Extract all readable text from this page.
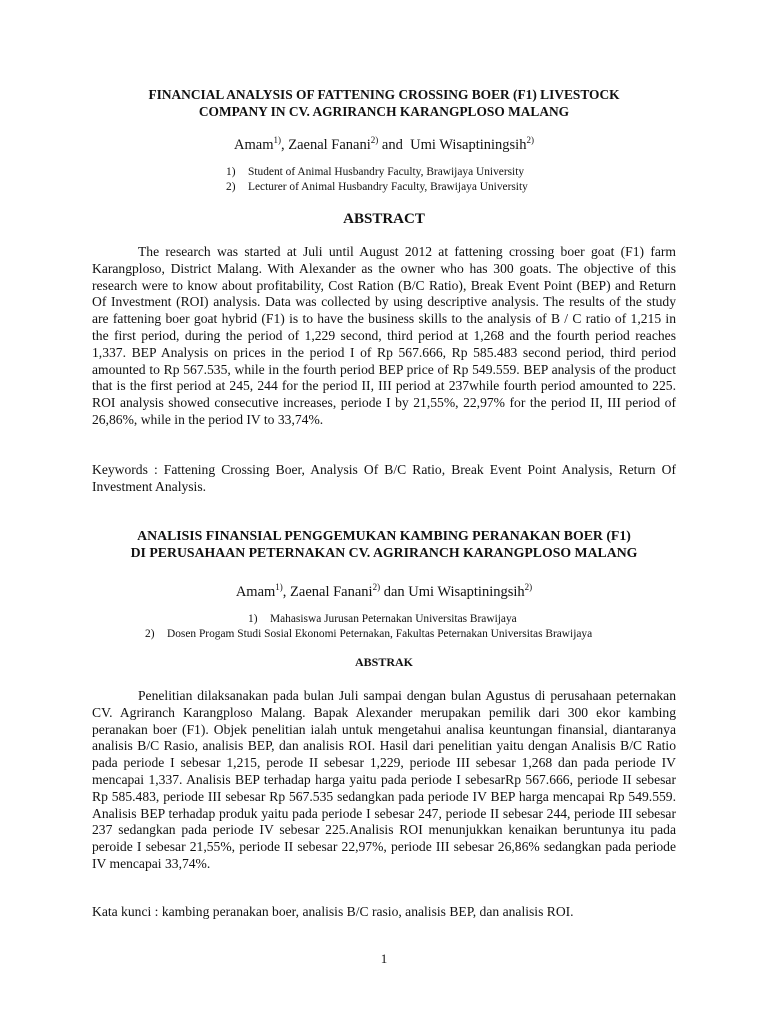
FINANCIAL ANALYSIS OF FATTENING CROSSING BOER (F1) LIVESTOCK
COMPANY IN CV. AGRIRANCH KARANGPLOSO MALANG
Amam$^{1)}$, Zaenal Fanani$^{2)}$ and  Umi Wisaptiningsih$^{2)}$
1) Student of Animal Husbandry Faculty, Brawijaya University
2) Lecturer of Animal Husbandry Faculty, Brawijaya University
ABSTRACT
The research was started at Juli until August 2012 at fattening crossing boer goat (F1) farm Karangploso, District Malang. With Alexander as the owner who has 300 goats. The objective of this research were to know about profitability, Cost Ration (B/C Ratio), Break Event Point (BEP) and Return Of Investment (ROI) analysis. Data was collected by using descriptive analysis. The results of the study are fattening boer goat hybrid (F1) is to have the business skills to the analysis of B / C ratio of 1,215 in the first period, during the period of 1,229 second, third period at 1,268 and the fourth period reaches 1,337. BEP Analysis on prices in the period I of Rp 567.666, Rp 585.483 second period, third period amounted to Rp 567.535, while in the fourth period BEP price of Rp 549.559. BEP analysis of the product that is the first period at 245, 244 for the period II, III period at 237while fourth period amounted to 225. ROI analysis showed consecutive increases, periode I by 21,55%, 22,97% for the period II, III period of 26,86%, while in the period IV to 33,74%.
Keywords : Fattening Crossing Boer, Analysis Of B/C Ratio, Break Event Point Analysis, Return Of Investment Analysis.
ANALISIS FINANSIAL PENGGEMUKAN KAMBING PERANAKAN BOER (F1)
DI PERUSAHAAN PETERNAKAN CV. AGRIRANCH KARANGPLOSO MALANG
Amam$^{1)}$, Zaenal Fanani$^{2)}$ dan Umi Wisaptiningsih$^{2)}$
1) Mahasiswa Jurusan Peternakan Universitas Brawijaya
2) Dosen Progam Studi Sosial Ekonomi Peternakan, Fakultas Peternakan Universitas Brawijaya
ABSTRAK
Penelitian dilaksanakan pada bulan Juli sampai dengan bulan Agustus di perusahaan peternakan CV. Agriranch Karangploso Malang. Bapak Alexander merupakan pemilik dari 300 ekor kambing peranakan boer (F1). Objek penelitian ialah untuk mengetahui analisa keuntungan finansial, diantaranya analisis B/C Rasio, analisis BEP, dan analisis ROI. Hasil dari penelitian yaitu dengan Analisis B/C Ratio pada periode I sebesar 1,215, perode II sebesar 1,229, periode III sebesar 1,268 dan pada periode IV mencapai 1,337. Analisis BEP terhadap harga yaitu pada periode I sebesarRp 567.666, periode II sebesar Rp 585.483, periode III sebesar Rp 567.535 sedangkan pada periode IV BEP harga mencapai Rp 549.559. Analisis BEP terhadap produk yaitu pada periode I sebesar 247, periode II sebesar 244, periode III sebesar 237 sedangkan pada periode IV sebesar 225.Analisis ROI menunjukkan kenaikan beruntunya itu pada peroide I sebesar 21,55%, periode II sebesar 22,97%, periode III sebesar 26,86% sedangkan pada periode IV mencapai 33,74%.
Kata kunci : kambing peranakan boer, analisis B/C rasio, analisis BEP, dan analisis ROI.
1
